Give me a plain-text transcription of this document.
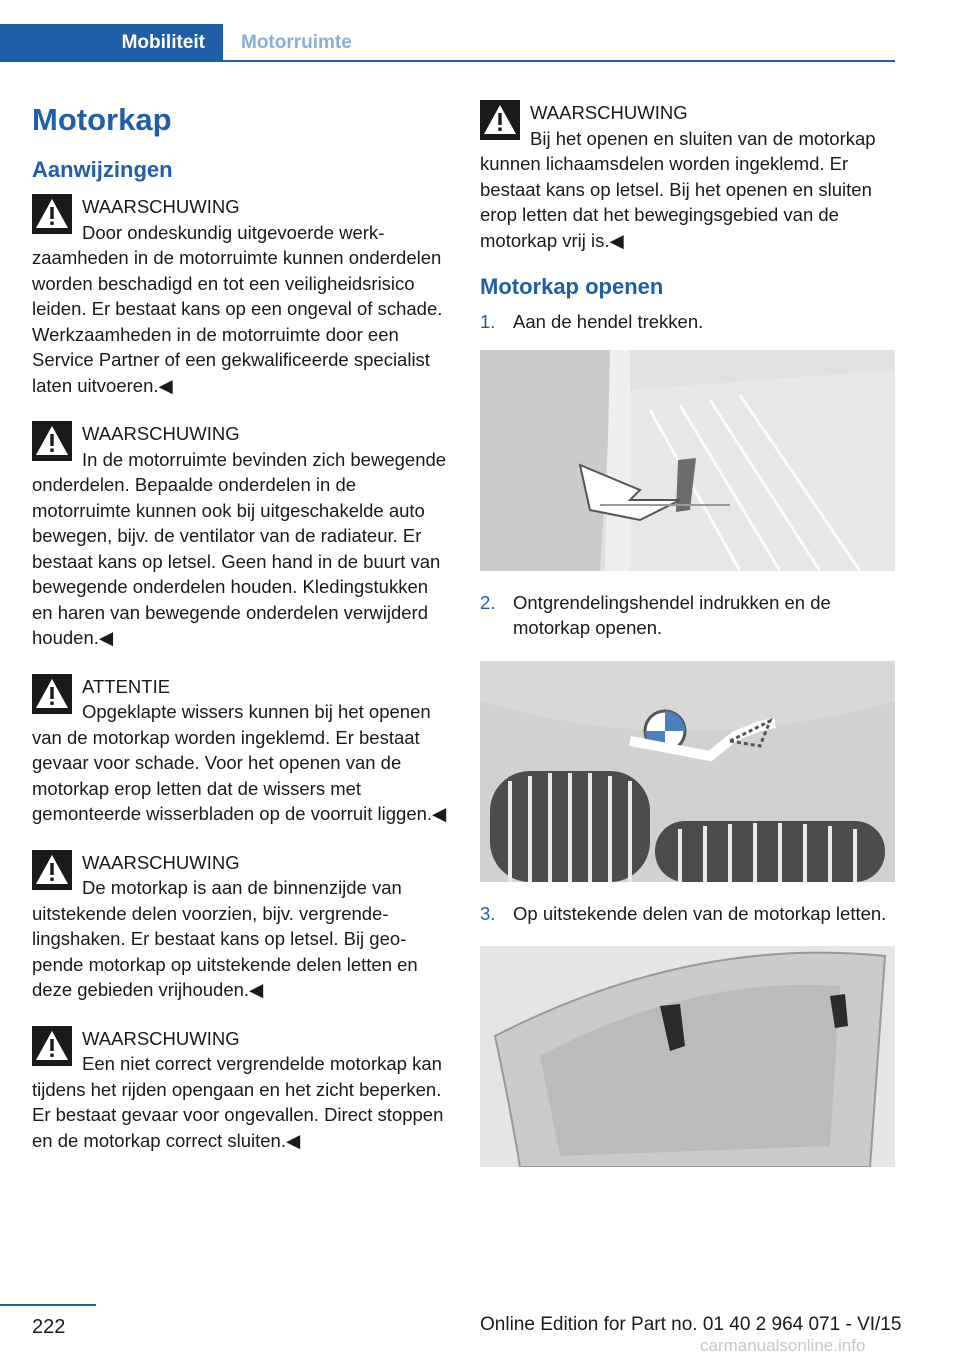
Mobiliteit	Motorruimte
Motorkap
Aanwijzingen
WAARSCHUWING
Door ondeskundig uitgevoerde werkzaamheden in de motorruimte kunnen onderdelen worden beschadigd en tot een veiligheidsrisico leiden. Er bestaat kans op een ongeval of schade. Werkzaamheden in de motorruimte door een Service Partner of een gekwalificeerde specialist laten uitvoeren.◀
WAARSCHUWING
In de motorruimte bevinden zich bewegende onderdelen. Bepaalde onderdelen in de motorruimte kunnen ook bij uitgeschakelde auto bewegen, bijv. de ventilator van de radiateur. Er bestaat kans op letsel. Geen hand in de buurt van bewegende onderdelen houden. Kledingstukken en haren van bewegende onderdelen verwijderd houden.◀
ATTENTIE
Opgeklapte wissers kunnen bij het openen van de motorkap worden ingeklemd. Er bestaat gevaar voor schade. Voor het openen van de motorkap erop letten dat de wissers met gemonteerde wisserbladen op de voorruit liggen.◀
WAARSCHUWING
De motorkap is aan de binnenzijde van uitstekende delen voorzien, bijv. vergrendelingshaken. Er bestaat kans op letsel. Bij geopende motorkap op uitstekende delen letten en deze gebieden vrijhouden.◀
WAARSCHUWING
Een niet correct vergrendelde motorkap kan tijdens het rijden opengaan en het zicht beperken. Er bestaat gevaar voor ongevallen. Direct stoppen en de motorkap correct sluiten.◀
WAARSCHUWING
Bij het openen en sluiten van de motorkap kunnen lichaamsdelen worden ingeklemd. Er bestaat kans op letsel. Bij het openen en sluiten erop letten dat het bewegingsgebied van de motorkap vrij is.◀
Motorkap openen
1. Aan de hendel trekken.
2. Ontgrendelingshendel indrukken en de motorkap openen.
3. Op uitstekende delen van de motorkap letten.
222	Online Edition for Part no. 01 40 2 964 071 - VI/15
carmanualsonline.info
